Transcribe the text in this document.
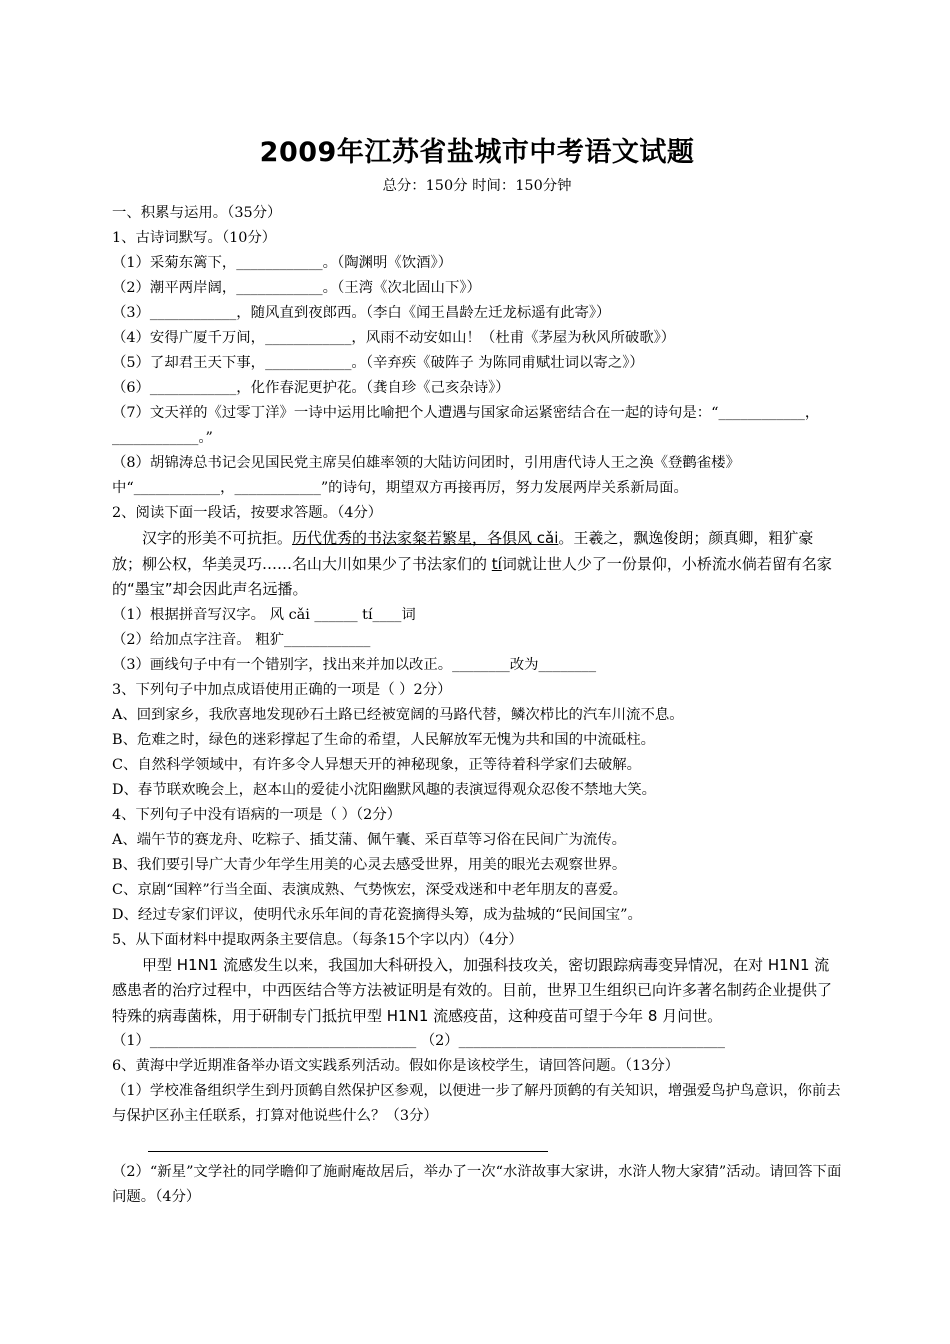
2009年江苏省盐城市中考语文试题
总分：150分 时间：150分钟
一、积累与运用。（35分）
1、古诗词默写。（10分）
（1）采菊东篱下，____________。（陶渊明《饮酒》）
（2）潮平两岸阔，____________。（王湾《次北固山下》）
（3）____________，随风直到夜郎西。（李白《闻王昌龄左迁龙标遥有此寄》）
（4）安得广厦千万间，____________，风雨不动安如山！（杜甫《茅屋为秋风所破歌》）
（5）了却君王天下事，____________。（辛弃疾《破阵子 为陈同甫赋壮词以寄之》）
（6）____________，化作春泥更护花。（龚自珍《己亥杂诗》）
（7）文天祥的《过零丁洋》一诗中运用比喻把个人遭遇与国家命运紧密结合在一起的诗句是：“____________，____________。”
（8）胡锦涛总书记会见国民党主席吴伯雄率领的大陆访问团时，引用唐代诗人王之涣《登鹳雀楼》中“____________，____________”的诗句，期望双方再接再厉，努力发展两岸关系新局面。
2、阅读下面一段话，按要求答题。（4分）
汉字的形美不可抗拒。历代优秀的书法家粲若繁星，各俱风 cǎi。王羲之，飘逸俊朗；颜真卿，粗犷豪放；柳公权，华美灵巧……名山大川如果少了书法家们的 tí词就让世人少了一份景仰，小桥流水倘若留有名家的“墨宝”却会因此声名远播。
（1）根据拼音写汉字。 风 cǎi ______ tí____词
（2）给加点字注音。 粗犷____________
（3）画线句子中有一个错别字，找出来并加以改正。________改为________
3、下列句子中加点成语使用正确的一项是（ ）2分）
A、回到家乡，我欣喜地发现砂石土路已经被宽阔的马路代替，鳞次栉比的汽车川流不息。
B、危难之时，绿色的迷彩撑起了生命的希望，人民解放军无愧为共和国的中流砥柱。
C、自然科学领域中，有许多令人异想天开的神秘现象，正等待着科学家们去破解。
D、春节联欢晚会上，赵本山的爱徒小沈阳幽默风趣的表演逗得观众忍俊不禁地大笑。
4、下列句子中没有语病的一项是（ ）（2分）
A、端午节的赛龙舟、吃粽子、插艾蒲、佩午囊、采百草等习俗在民间广为流传。
B、我们要引导广大青少年学生用美的心灵去感受世界，用美的眼光去观察世界。
C、京剧“国粹”行当全面、表演成熟、气势恢宏，深受戏迷和中老年朋友的喜爱。
D、经过专家们评议，使明代永乐年间的青花瓷摘得头筹，成为盐城的“民间国宝”。
5、从下面材料中提取两条主要信息。（每条15个字以内）（4分）
甲型 H1N1 流感发生以来，我国加大科研投入，加强科技攻关，密切跟踪病毒变异情况，在对 H1N1 流感患者的治疗过程中，中西医结合等方法被证明是有效的。目前，世界卫生组织已向许多著名制药企业提供了特殊的病毒菌株，用于研制专门抵抗甲型 H1N1 流感疫苗，这种疫苗可望于今年 8 月问世。
（1）_____________________________________ （2）_____________________________________
6、黄海中学近期准备举办语文实践系列活动。假如你是该校学生，请回答问题。（13分）
（1）学校准备组织学生到丹顶鹤自然保护区参观，以便进一步了解丹顶鹤的有关知识，增强爱鸟护鸟意识，你前去与保护区孙主任联系，打算对他说些什么？（3分）
（2）“新星”文学社的同学瞻仰了施耐庵故居后，举办了一次“水浒故事大家讲，水浒人物大家猜”活动。请回答下面问题。（4分）
